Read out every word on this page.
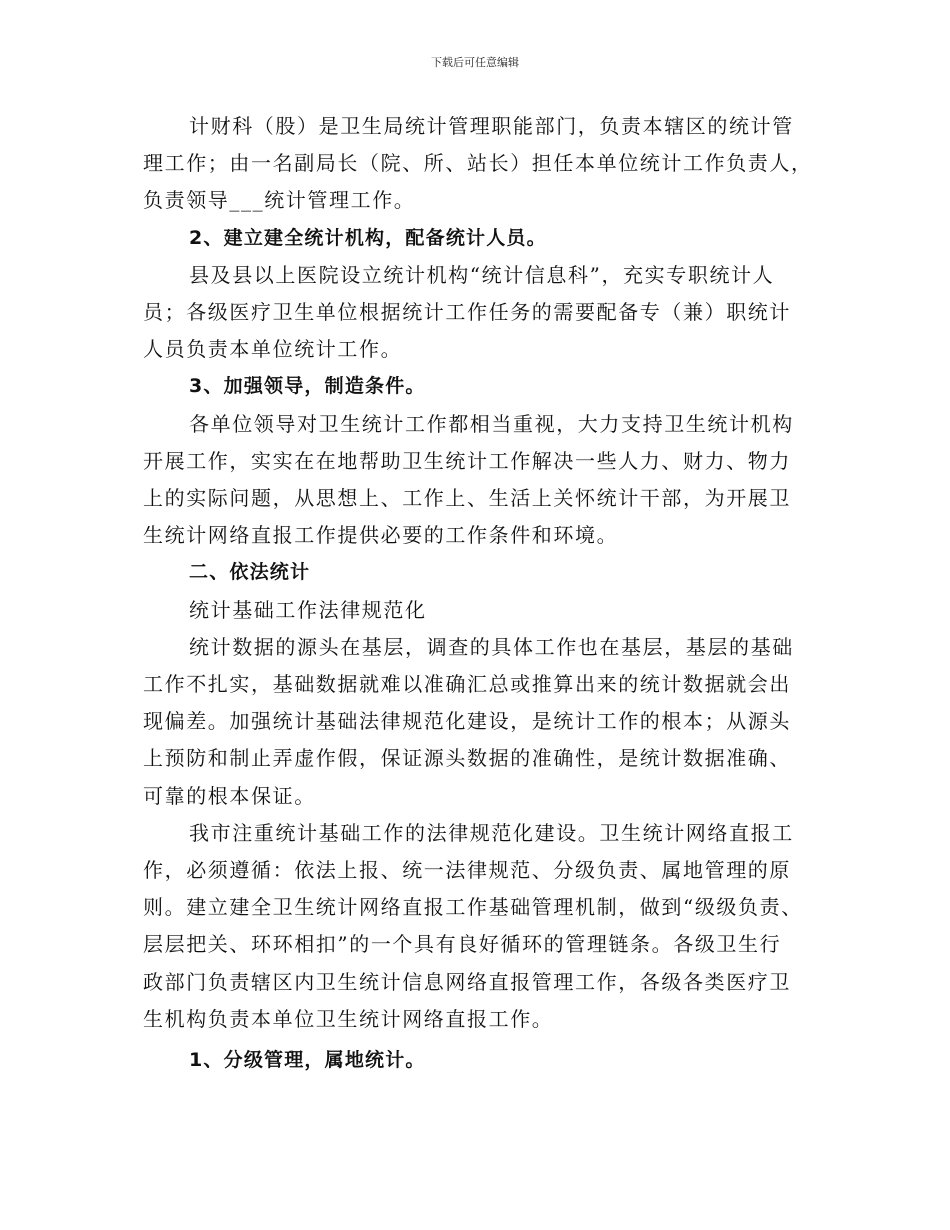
下载后可任意编辑

计财科（股）是卫生局统计管理职能部门，负责本辖区的统计管
理工作；由一名副局长（院、所、站长）担任本单位统计工作负责人，
负责领导___统计管理工作。

2、建立建全统计机构，配备统计人员。

县及县以上医院设立统计机构“统计信息科”，充实专职统计人
员；各级医疗卫生单位根据统计工作任务的需要配备专（兼）职统计
人员负责本单位统计工作。

3、加强领导，制造条件。

各单位领导对卫生统计工作都相当重视，大力支持卫生统计机构
开展工作，实实在在地帮助卫生统计工作解决一些人力、财力、物力
上的实际问题，从思想上、工作上、生活上关怀统计干部，为开展卫
生统计网络直报工作提供必要的工作条件和环境。

二、依法统计

统计基础工作法律规范化

统计数据的源头在基层，调查的具体工作也在基层，基层的基础
工作不扎实，基础数据就难以准确汇总或推算出来的统计数据就会出
现偏差。加强统计基础法律规范化建设，是统计工作的根本；从源头
上预防和制止弄虚作假，保证源头数据的准确性，是统计数据准确、
可靠的根本保证。

我市注重统计基础工作的法律规范化建设。卫生统计网络直报工
作，必须遵循：依法上报、统一法律规范、分级负责、属地管理的原
则。建立建全卫生统计网络直报工作基础管理机制，做到“级级负责、
层层把关、环环相扣”的一个具有良好循环的管理链条。各级卫生行
政部门负责辖区内卫生统计信息网络直报管理工作，各级各类医疗卫
生机构负责本单位卫生统计网络直报工作。

1、分级管理，属地统计。
